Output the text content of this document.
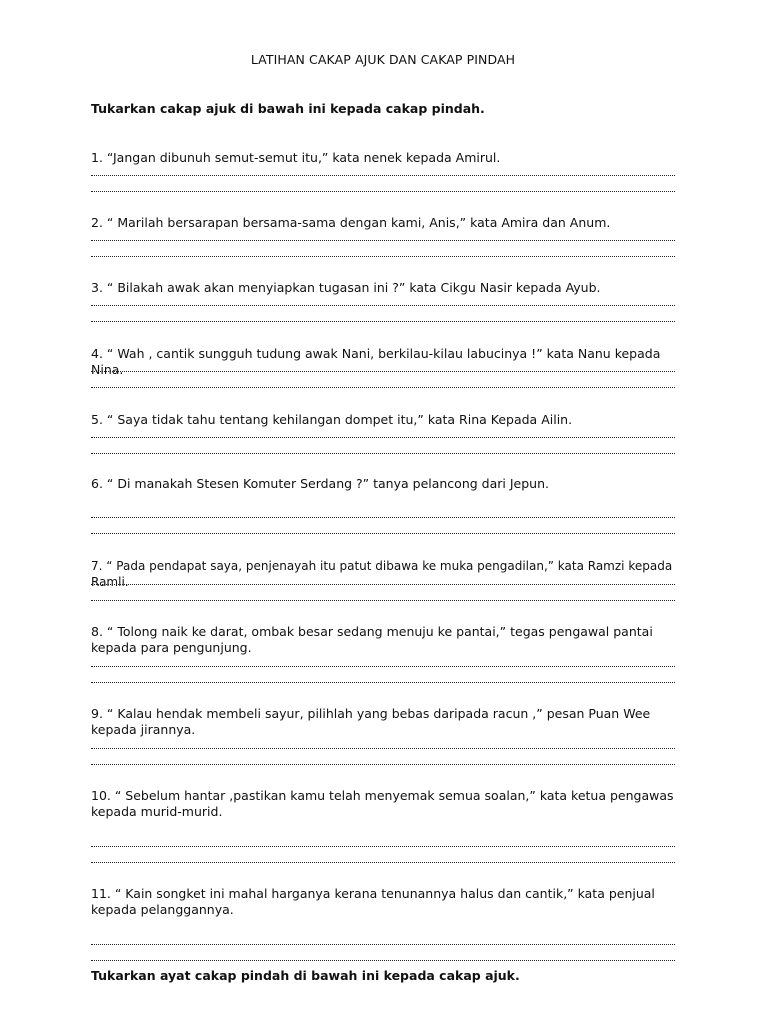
LATIHAN CAKAP AJUK DAN CAKAP PINDAH
Tukarkan cakap ajuk di bawah ini kepada cakap pindah.
1. “Jangan dibunuh semut-semut itu,” kata nenek kepada Amirul.
2. “ Marilah bersarapan bersama-sama dengan kami, Anis,” kata Amira dan Anum.
3. “ Bilakah awak akan menyiapkan tugasan ini ?” kata Cikgu Nasir kepada Ayub.
4. “ Wah , cantik sungguh tudung awak Nani, berkilau-kilau labucinya !” kata Nanu kepada Nina.
5. “ Saya tidak tahu tentang kehilangan dompet itu,” kata Rina Kepada Ailin.
6. “ Di manakah Stesen Komuter Serdang ?” tanya pelancong dari Jepun.
7. “ Pada pendapat saya, penjenayah itu patut dibawa ke muka pengadilan,” kata Ramzi kepada Ramli.
8. “ Tolong naik ke darat, ombak besar sedang menuju ke pantai,” tegas pengawal pantai kepada para pengunjung.
9. “ Kalau hendak membeli sayur, pilihlah yang bebas daripada racun ,” pesan Puan Wee kepada jirannya.
10. “ Sebelum hantar ,pastikan kamu telah menyemak semua soalan,” kata ketua pengawas kepada murid-murid.
11. “ Kain songket ini mahal harganya kerana tenunannya halus dan cantik,” kata penjual kepada pelanggannya.
Tukarkan ayat cakap pindah di bawah ini kepada cakap ajuk.
